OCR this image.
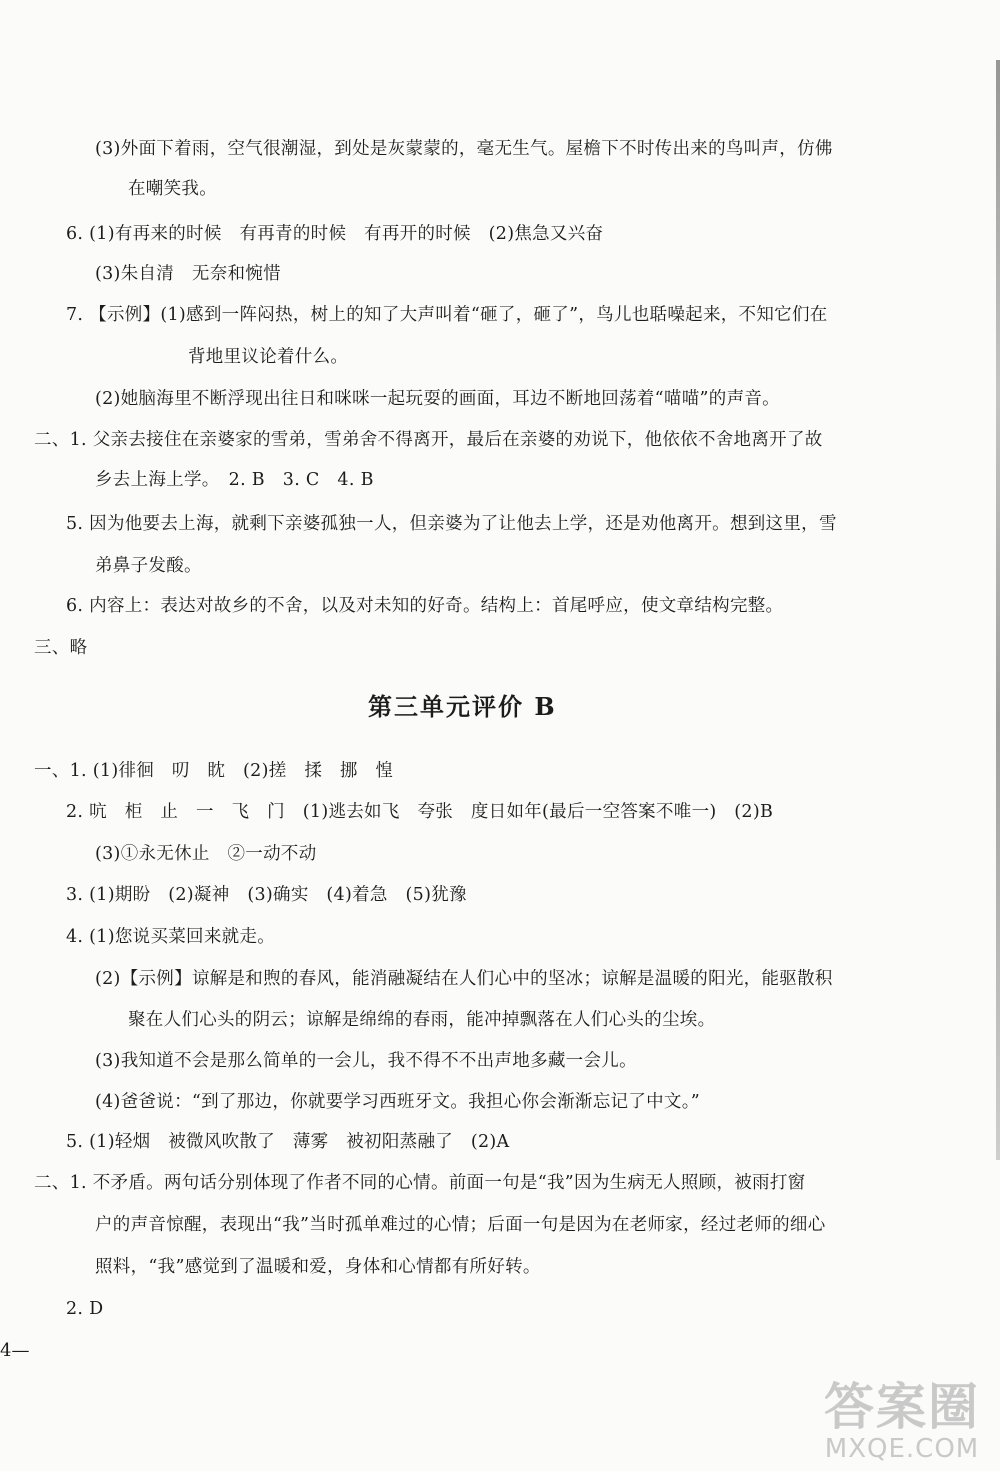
(3)外面下着雨，空气很潮湿，到处是灰蒙蒙的，毫无生气。屋檐下不时传出来的鸟叫声，仿佛
在嘲笑我。
6. (1)有再来的时候　有再青的时候　有再开的时候　(2)焦急又兴奋
(3)朱自清　无奈和惋惜
7. 【示例】(1)感到一阵闷热，树上的知了大声叫着“砸了，砸了”，鸟儿也聒噪起来，不知它们在
背地里议论着什么。
(2)她脑海里不断浮现出往日和咪咪一起玩耍的画面，耳边不断地回荡着“喵喵”的声音。
二、1. 父亲去接住在亲婆家的雪弟，雪弟舍不得离开，最后在亲婆的劝说下，他依依不舍地离开了故
乡去上海上学。　2. B　3. C　4. B
5. 因为他要去上海，就剩下亲婆孤独一人，但亲婆为了让他去上学，还是劝他离开。想到这里，雪
弟鼻子发酸。
6. 内容上：表达对故乡的不舍，以及对未知的好奇。结构上：首尾呼应，使文章结构完整。
三、略
第三单元评价 B
一、1. (1)徘徊　叨　眈　(2)搓　揉　挪　惶
2. 吭　柜　止　一　飞　门　(1)逃去如飞　夸张　度日如年(最后一空答案不唯一)　(2)B
(3)①永无休止　②一动不动
3. (1)期盼　(2)凝神　(3)确实　(4)着急　(5)犹豫
4. (1)您说买菜回来就走。
(2)【示例】谅解是和煦的春风，能消融凝结在人们心中的坚冰；谅解是温暖的阳光，能驱散积
聚在人们心头的阴云；谅解是绵绵的春雨，能冲掉飘落在人们心头的尘埃。
(3)我知道不会是那么简单的一会儿，我不得不不出声地多藏一会儿。
(4)爸爸说：“到了那边，你就要学习西班牙文。我担心你会渐渐忘记了中文。”
5. (1)轻烟　被微风吹散了　薄雾　被初阳蒸融了　(2)A
二、1. 不矛盾。两句话分别体现了作者不同的心情。前面一句是“我”因为生病无人照顾，被雨打窗
户的声音惊醒，表现出“我”当时孤单难过的心情；后面一句是因为在老师家，经过老师的细心
照料，“我”感觉到了温暖和爱，身体和心情都有所好转。
2. D
4—
答案圈
MXQE.COM
